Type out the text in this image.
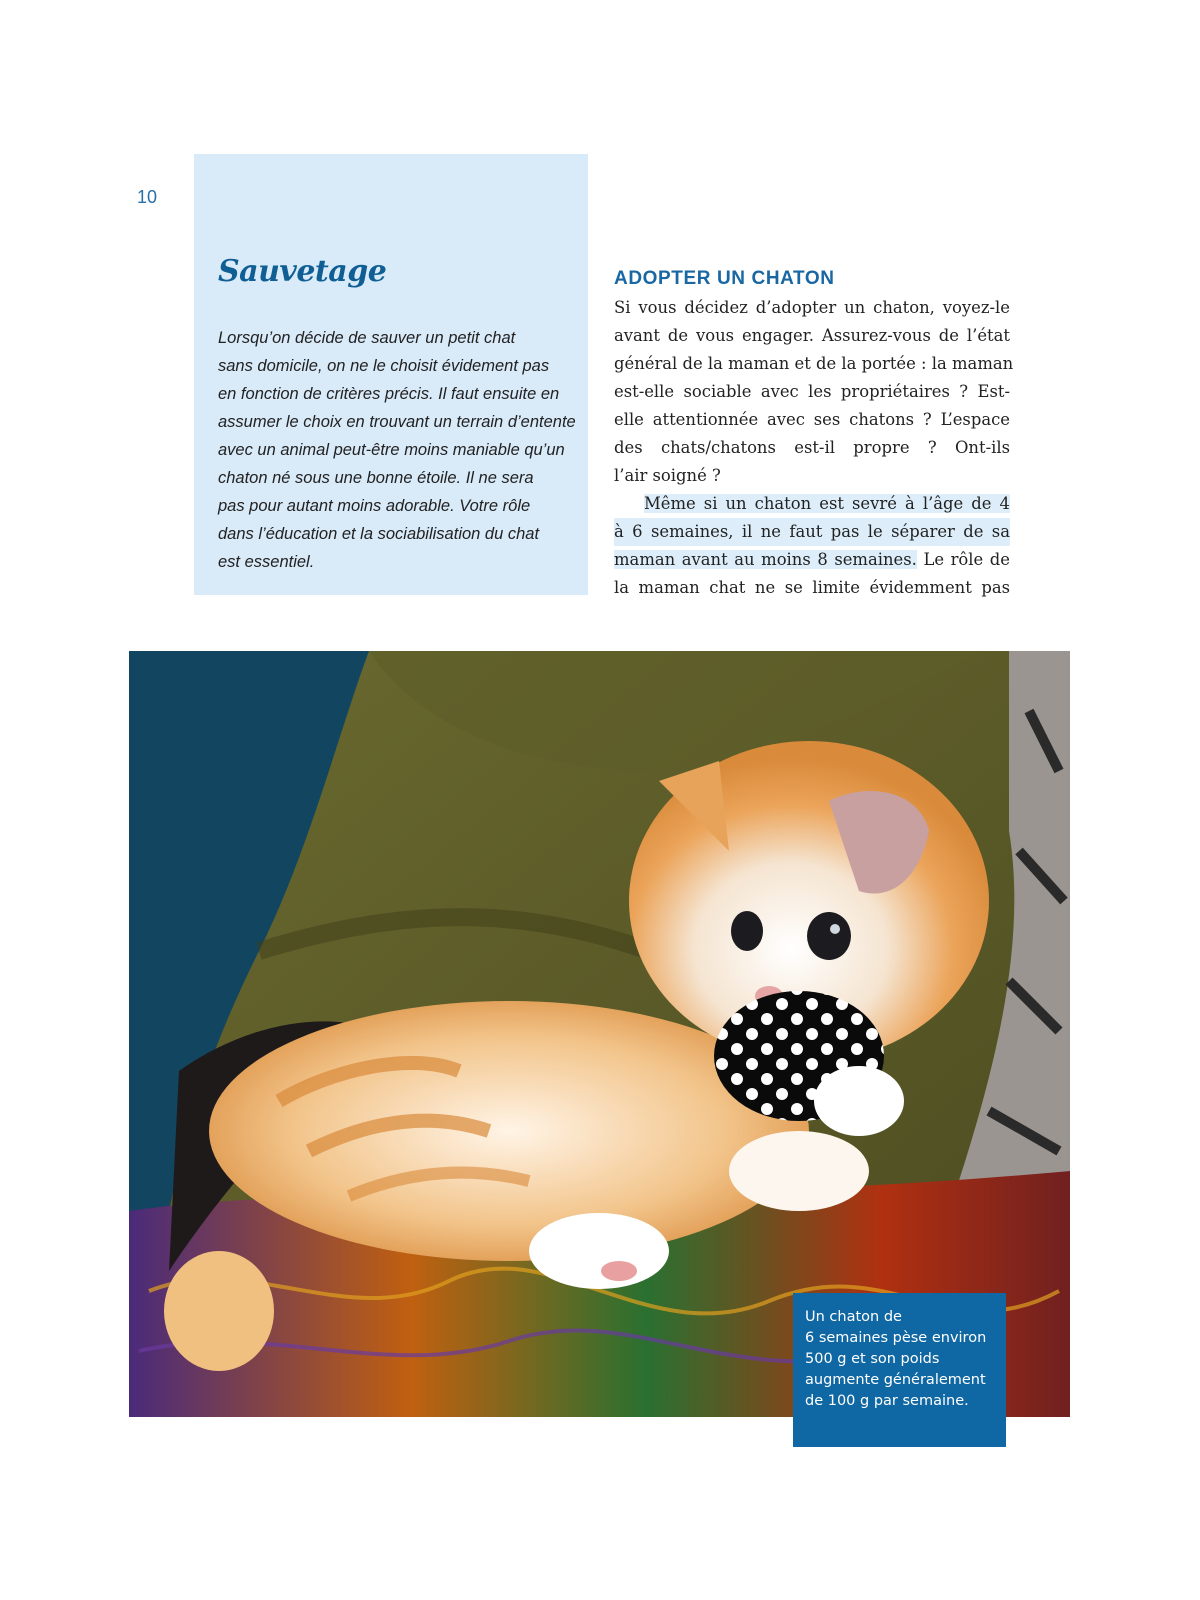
10
Sauvetage
Lorsqu’on décide de sauver un petit chat
sans domicile, on ne le choisit évidement pas
en fonction de critères précis. Il faut ensuite en
assumer le choix en trouvant un terrain d’entente
avec un animal peut-être moins maniable qu’un
chaton né sous une bonne étoile. Il ne sera
pas pour autant moins adorable. Votre rôle
dans l’éducation et la sociabilisation du chat
est essentiel.
ADOPTER UN CHATON
Si vous décidez d’adopter un chaton, voyez-le
avant de vous engager. Assurez-vous de l’état
général de la maman et de la portée : la maman
est-elle sociable avec les propriétaires ? Est-
elle attentionnée avec ses chatons ? L’espace
des chats/chatons est-il propre ? Ont-ils
l’air soigné ?
Même si un chaton est sevré à l’âge de 4
à 6 semaines, il ne faut pas le séparer de sa
maman avant au moins 8 semaines. Le rôle de
la maman chat ne se limite évidemment pas
Un chaton de
6 semaines pèse environ
500 g et son poids
augmente généralement
de 100 g par semaine.
